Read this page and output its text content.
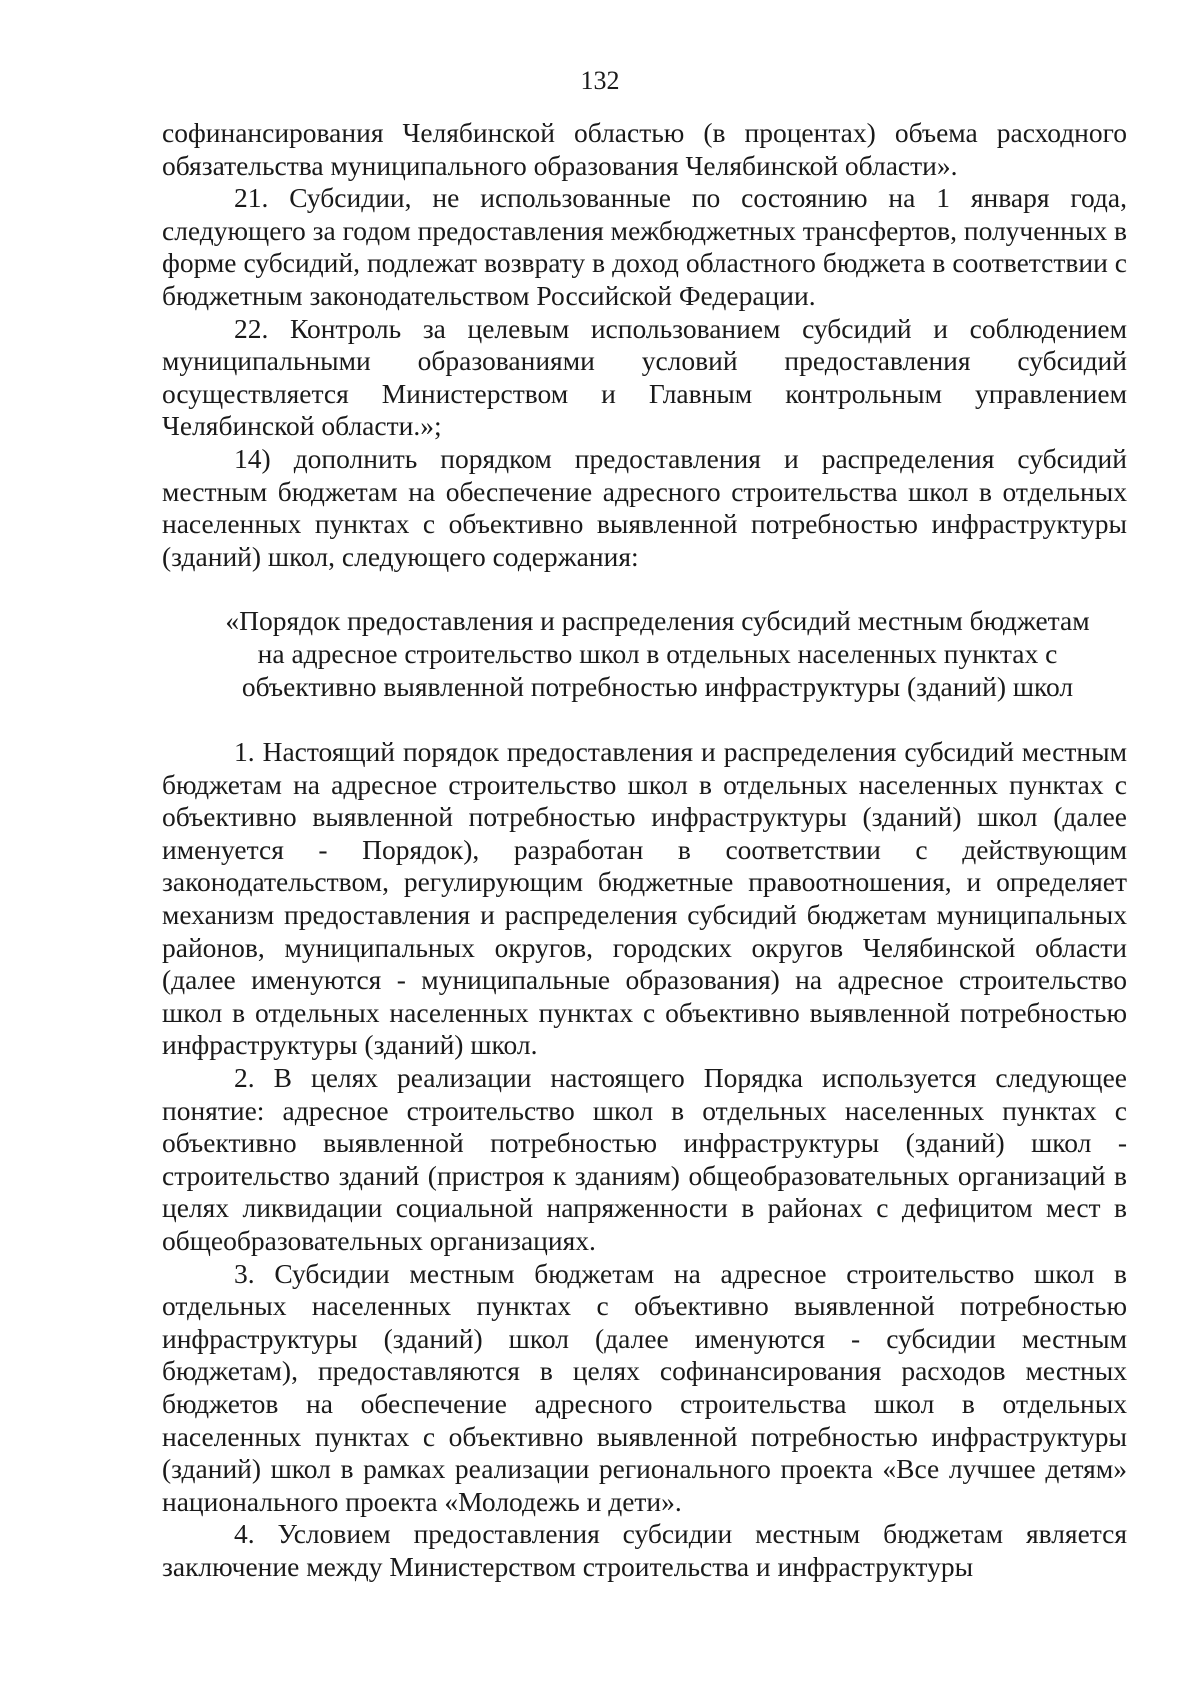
132

софинансирования Челябинской областью (в процентах) объема расходного обязательства муниципального образования Челябинской области».

21. Субсидии, не использованные по состоянию на 1 января года, следующего за годом предоставления межбюджетных трансфертов, полученных в форме субсидий, подлежат возврату в доход областного бюджета в соответствии с бюджетным законодательством Российской Федерации.

22. Контроль за целевым использованием субсидий и соблюдением муниципальными образованиями условий предоставления субсидий осуществляется Министерством и Главным контрольным управлением Челябинской области.»;

14) дополнить порядком предоставления и распределения субсидий местным бюджетам на обеспечение адресного строительства школ в отдельных населенных пунктах с объективно выявленной потребностью инфраструктуры (зданий) школ, следующего содержания:

«Порядок предоставления и распределения субсидий местным бюджетам
на адресное строительство школ в отдельных населенных пунктах с
объективно выявленной потребностью инфраструктуры (зданий) школ

1. Настоящий порядок предоставления и распределения субсидий местным бюджетам на адресное строительство школ в отдельных населенных пунктах с объективно выявленной потребностью инфраструктуры (зданий) школ (далее именуется - Порядок), разработан в соответствии с действующим законодательством, регулирующим бюджетные правоотношения, и определяет механизм предоставления и распределения субсидий бюджетам муниципальных районов, муниципальных округов, городских округов Челябинской области (далее именуются - муниципальные образования) на адресное строительство школ в отдельных населенных пунктах с объективно выявленной потребностью инфраструктуры (зданий) школ.

2. В целях реализации настоящего Порядка используется следующее понятие: адресное строительство школ в отдельных населенных пунктах с объективно выявленной потребностью инфраструктуры (зданий) школ - строительство зданий (пристроя к зданиям) общеобразовательных организаций в целях ликвидации социальной напряженности в районах с дефицитом мест в общеобразовательных организациях.

3. Субсидии местным бюджетам на адресное строительство школ в отдельных населенных пунктах с объективно выявленной потребностью инфраструктуры (зданий) школ (далее именуются - субсидии местным бюджетам), предоставляются в целях софинансирования расходов местных бюджетов на обеспечение адресного строительства школ в отдельных населенных пунктах с объективно выявленной потребностью инфраструктуры (зданий) школ в рамках реализации регионального проекта «Все лучшее детям» национального проекта «Молодежь и дети».

4. Условием предоставления субсидии местным бюджетам является заключение между Министерством строительства и инфраструктуры
